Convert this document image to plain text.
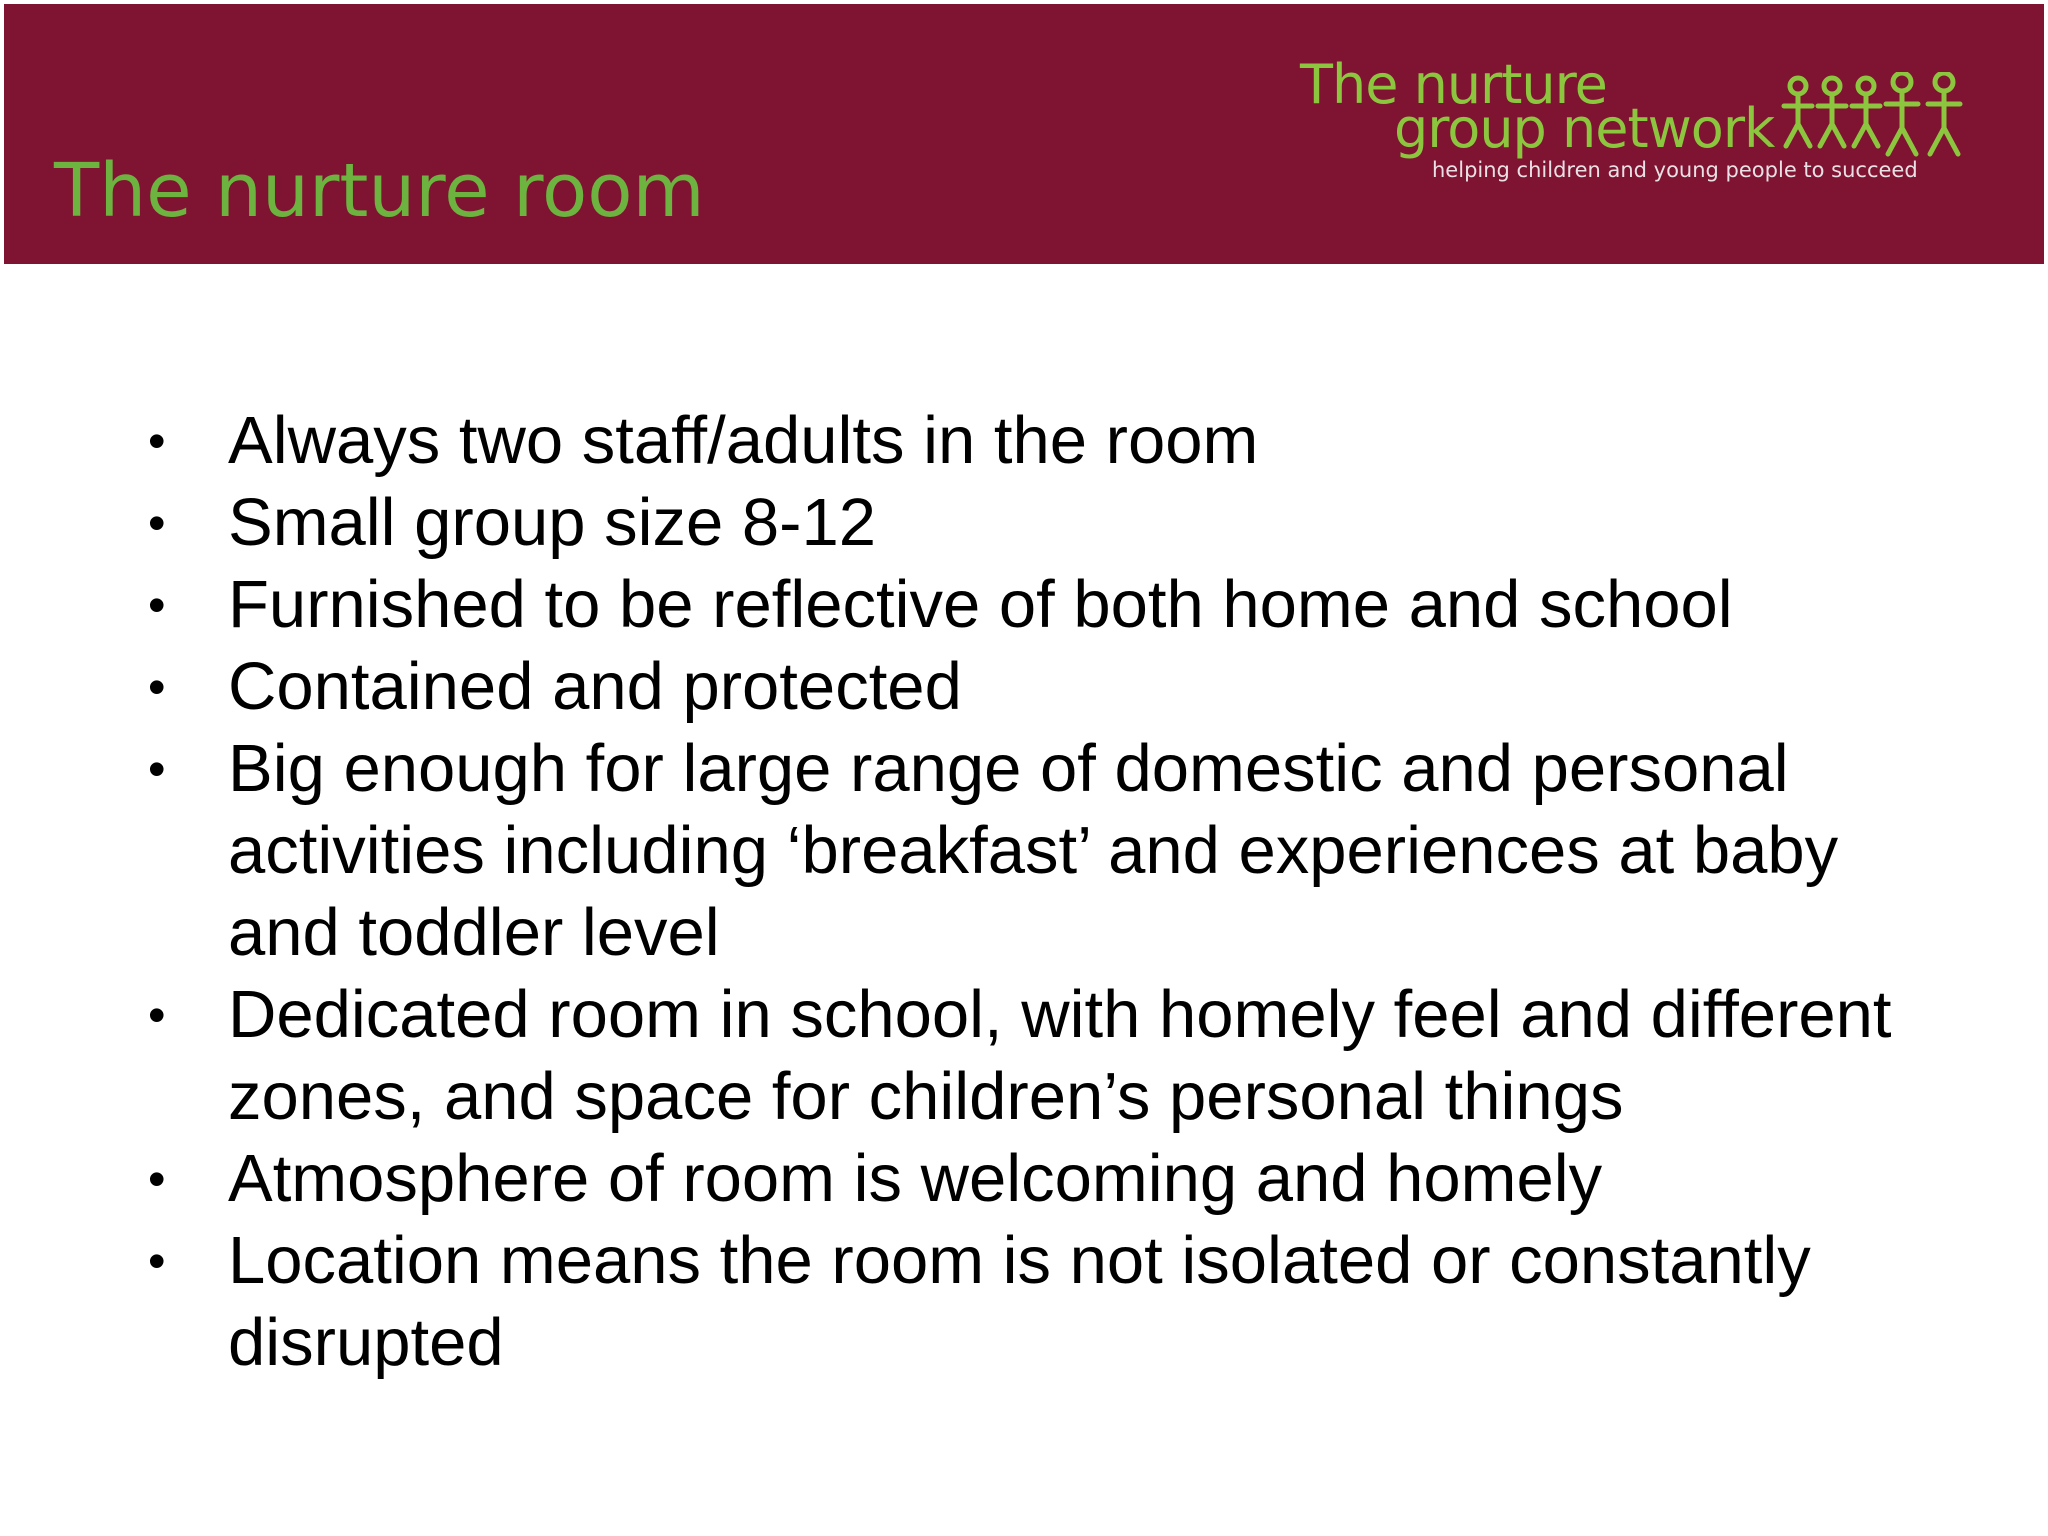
The nurture room
The nurture
group network
helping children and young people to succeed
• Always two staff/adults in the room
• Small group size 8-12
• Furnished to be reflective of both home and school
• Contained and protected
• Big enough for large range of domestic and personal activities including ‘breakfast’ and experiences at baby and toddler level
• Dedicated room in school, with homely feel and different zones, and space for children’s personal things
• Atmosphere of room is welcoming and homely
• Location means the room is not isolated or constantly disrupted
